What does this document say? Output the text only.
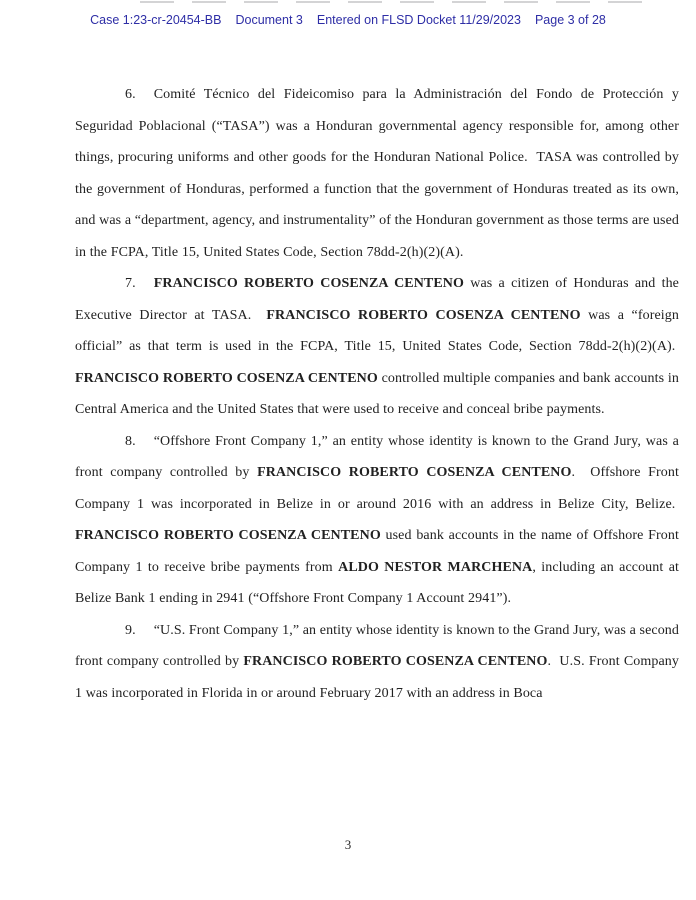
Case 1:23-cr-20454-BB Document 3 Entered on FLSD Docket 11/29/2023 Page 3 of 28

6. Comité Técnico del Fideicomiso para la Administración del Fondo de Protección y Seguridad Poblacional (“TASA”) was a Honduran governmental agency responsible for, among other things, procuring uniforms and other goods for the Honduran National Police.  TASA was controlled by the government of Honduras, performed a function that the government of Honduras treated as its own, and was a “department, agency, and instrumentality” of the Honduran government as those terms are used in the FCPA, Title 15, United States Code, Section 78dd-2(h)(2)(A).

7. FRANCISCO ROBERTO COSENZA CENTENO was a citizen of Honduras and the Executive Director at TASA.  FRANCISCO ROBERTO COSENZA CENTENO was a “foreign official” as that term is used in the FCPA, Title 15, United States Code, Section 78dd-2(h)(2)(A).  FRANCISCO ROBERTO COSENZA CENTENO controlled multiple companies and bank accounts in Central America and the United States that were used to receive and conceal bribe payments.

8. “Offshore Front Company 1,” an entity whose identity is known to the Grand Jury, was a front company controlled by FRANCISCO ROBERTO COSENZA CENTENO.  Offshore Front Company 1 was incorporated in Belize in or around 2016 with an address in Belize City, Belize.  FRANCISCO ROBERTO COSENZA CENTENO used bank accounts in the name of Offshore Front Company 1 to receive bribe payments from ALDO NESTOR MARCHENA, including an account at Belize Bank 1 ending in 2941 (“Offshore Front Company 1 Account 2941”).

9. “U.S. Front Company 1,” an entity whose identity is known to the Grand Jury, was a second front company controlled by FRANCISCO ROBERTO COSENZA CENTENO.  U.S. Front Company 1 was incorporated in Florida in or around February 2017 with an address in Boca

3
